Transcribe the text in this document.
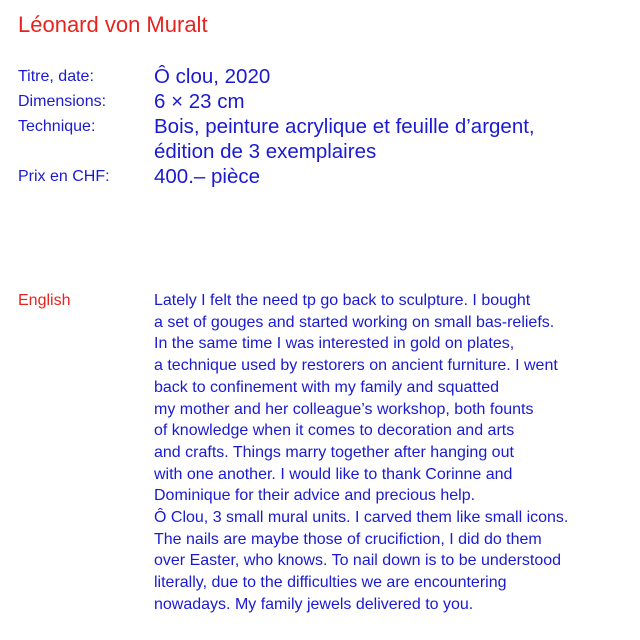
Léonard von Muralt
Titre, date:	Ô clou, 2020
Dimensions:	6 × 23 cm
Technique:	Bois, peinture acrylique et feuille d’argent,
édition de 3 exemplaires
Prix en CHF:	400.– pièce
English	Lately I felt the need tp go back to sculpture. I bought
a set of gouges and started working on small bas-reliefs.
In the same time I was interested in gold on plates,
a technique used by restorers on ancient furniture. I went
back to confinement with my family and squatted
my mother and her colleague’s workshop, both founts
of knowledge when it comes to decoration and arts
and crafts. Things marry together after hanging out
with one another. I would like to thank Corinne and
Dominique for their advice and precious help.
Ô Clou, 3 small mural units. I carved them like small icons.
The nails are maybe those of crucifiction, I did do them
over Easter, who knows. To nail down is to be understood
literally, due to the difficulties we are encountering
nowadays. My family jewels delivered to you.
